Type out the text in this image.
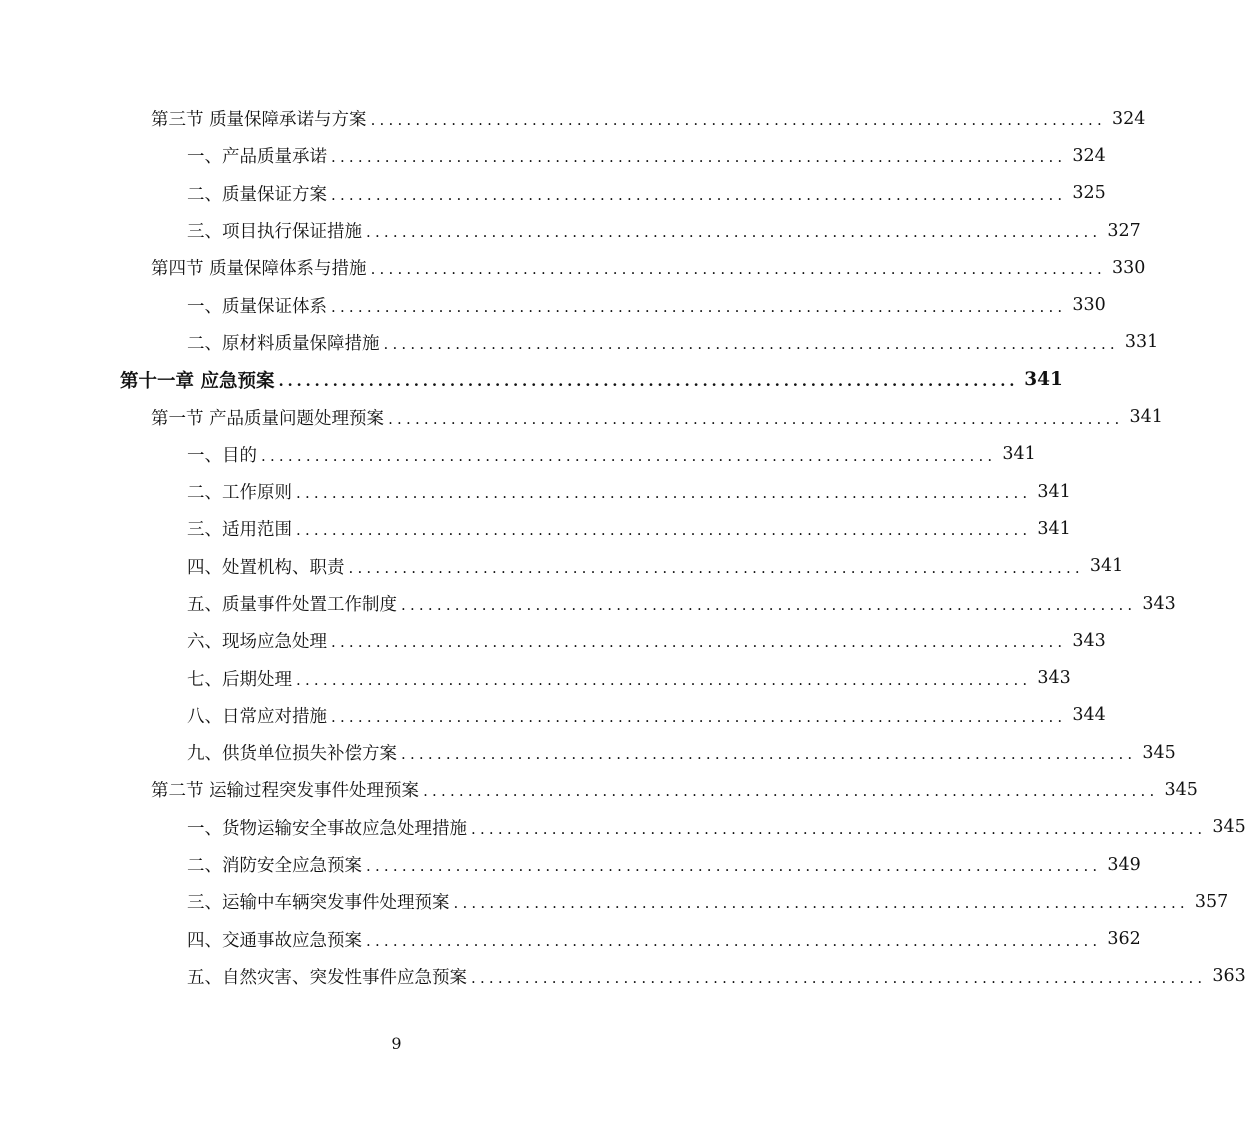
第三节 质量保障承诺与方案 .................................................................................. 324
一、产品质量承诺 .................................................................................. 324
二、质量保证方案 .................................................................................. 325
三、项目执行保证措施 .................................................................................. 327
第四节 质量保障体系与措施 .................................................................................. 330
一、质量保证体系 .................................................................................. 330
二、原材料质量保障措施 .................................................................................. 331
第十一章 应急预案 .................................................................................. 341
第一节 产品质量问题处理预案 .................................................................................. 341
一、目的 .................................................................................. 341
二、工作原则 .................................................................................. 341
三、适用范围 .................................................................................. 341
四、处置机构、职责 .................................................................................. 341
五、质量事件处置工作制度 .................................................................................. 343
六、现场应急处理 .................................................................................. 343
七、后期处理 .................................................................................. 343
八、日常应对措施 .................................................................................. 344
九、供货单位损失补偿方案 .................................................................................. 345
第二节 运输过程突发事件处理预案 .................................................................................. 345
一、货物运输安全事故应急处理措施 .................................................................................. 345
二、消防安全应急预案 .................................................................................. 349
三、运输中车辆突发事件处理预案 .................................................................................. 357
四、交通事故应急预案 .................................................................................. 362
五、自然灾害、突发性事件应急预案 .................................................................................. 363
9
